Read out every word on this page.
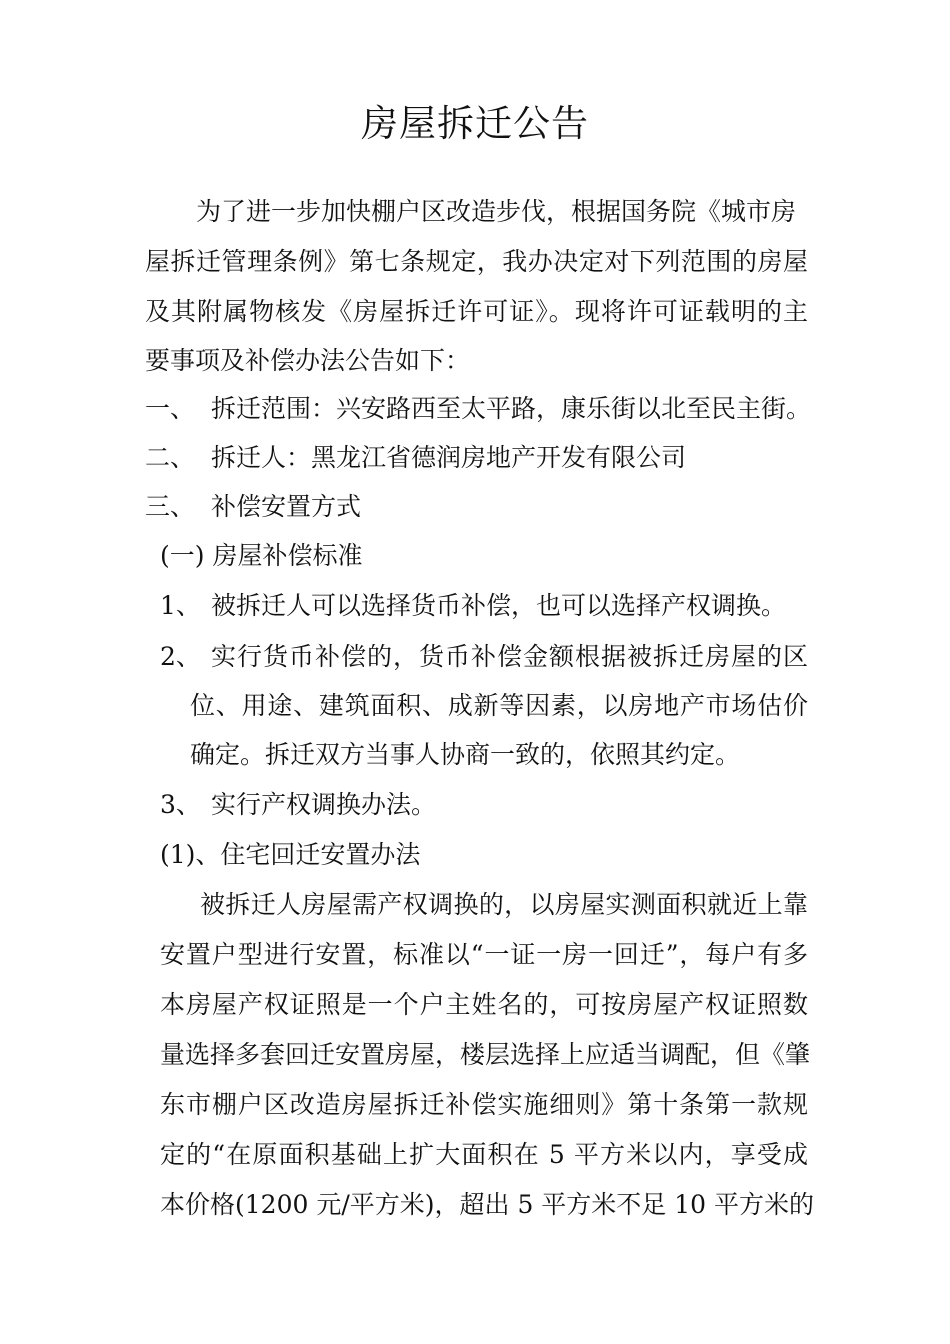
房屋拆迁公告
为了进一步加快棚户区改造步伐，根据国务院《城市房
屋拆迁管理条例》第七条规定，我办决定对下列范围的房屋
及其附属物核发《房屋拆迁许可证》。现将许可证载明的主
要事项及补偿办法公告如下：
一、 拆迁范围：兴安路西至太平路，康乐街以北至民主街。
二、 拆迁人：黑龙江省德润房地产开发有限公司
三、 补偿安置方式
(一) 房屋补偿标准
1、 被拆迁人可以选择货币补偿，也可以选择产权调换。
2、 实行货币补偿的，货币补偿金额根据被拆迁房屋的区
位、用途、建筑面积、成新等因素，以房地产市场估价
确定。拆迁双方当事人协商一致的，依照其约定。
3、 实行产权调换办法。
(1)、住宅回迁安置办法
被拆迁人房屋需产权调换的，以房屋实测面积就近上靠
安置户型进行安置，标准以“一证一房一回迁”，每户有多
本房屋产权证照是一个户主姓名的，可按房屋产权证照数
量选择多套回迁安置房屋，楼层选择上应适当调配，但《肇
东市棚户区改造房屋拆迁补偿实施细则》第十条第一款规
定的“在原面积基础上扩大面积在 5 平方米以内，享受成
本价格(1200 元/平方米)，超出 5 平方米不足 10 平方米的
